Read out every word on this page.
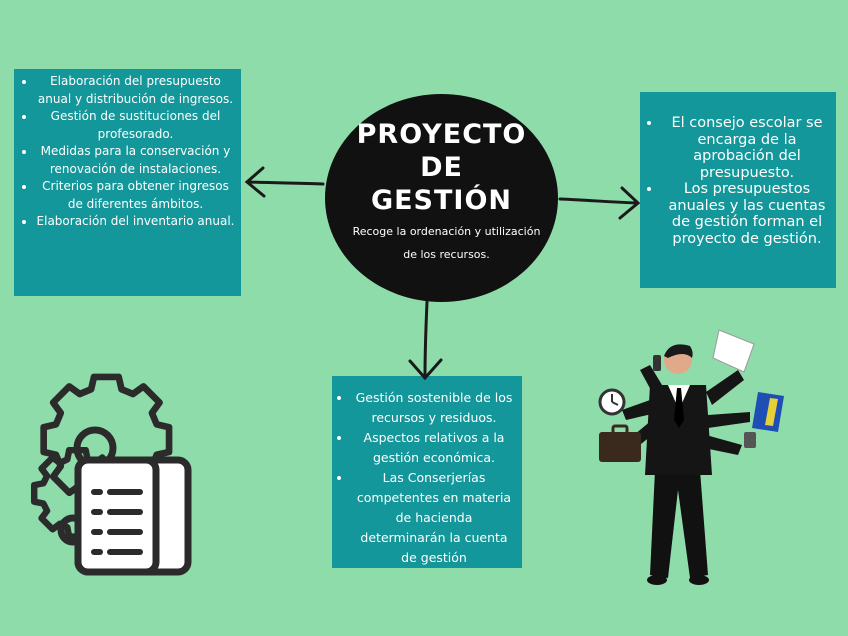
• Elaboración del presupuesto anual y distribución de ingresos.
• Gestión de sustituciones del profesorado.
• Medidas para la conservación y renovación de instalaciones.
• Criterios para obtener ingresos de diferentes ámbitos.
• Elaboración del inventario anual.
• El consejo escolar se encarga de la aprobación del presupuesto.
• Los presupuestos anuales y las cuentas de gestión forman el proyecto de gestión.
• Gestión sostenible de los recursos y residuos.
• Aspectos relativos a la gestión económica.
• Las Conserjerías competentes en materia de hacienda determinarán la cuenta de gestión
PROYECTO
DE
GESTIÓN
Recoge la ordenación y utilización de los recursos.
